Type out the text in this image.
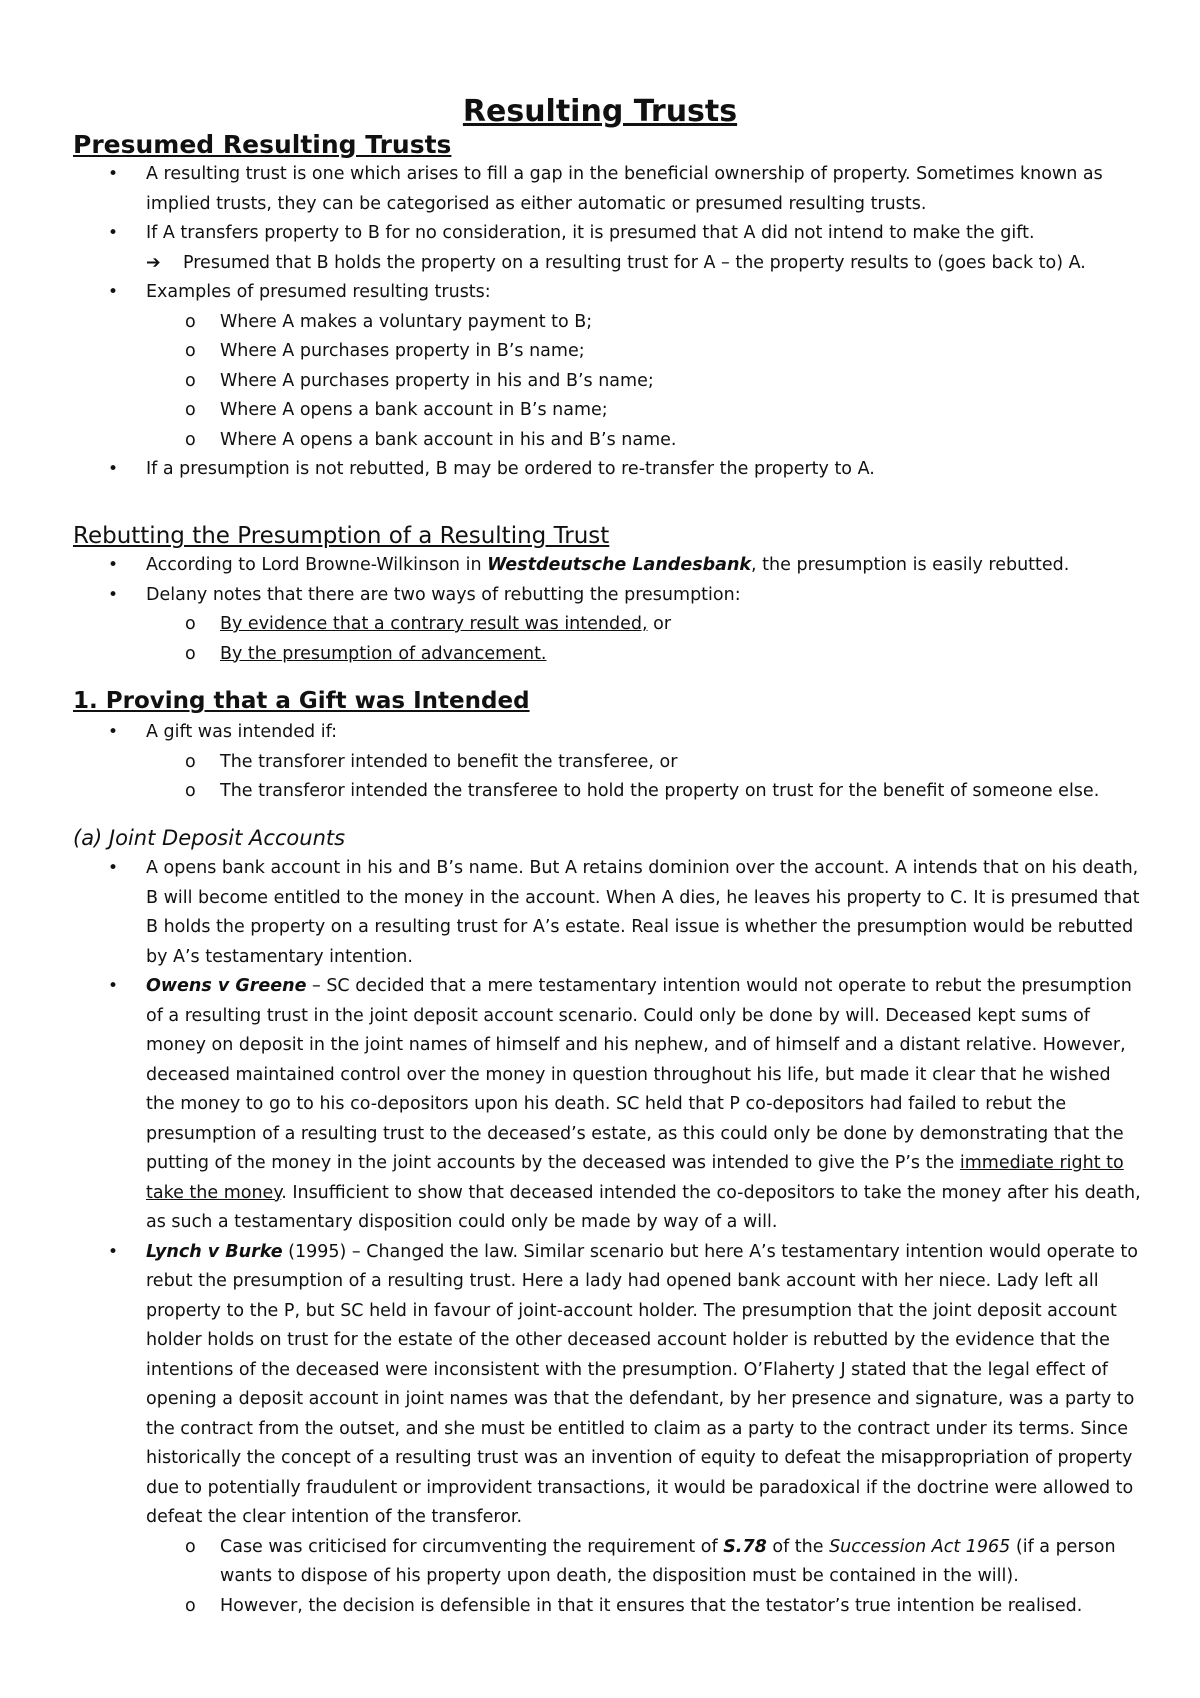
Resulting Trusts
Presumed Resulting Trusts
• A resulting trust is one which arises to fill a gap in the beneficial ownership of property. Sometimes known as implied trusts, they can be categorised as either automatic or presumed resulting trusts.
• If A transfers property to B for no consideration, it is presumed that A did not intend to make the gift.
➔ Presumed that B holds the property on a resulting trust for A – the property results to (goes back to) A.
• Examples of presumed resulting trusts:
o Where A makes a voluntary payment to B;
o Where A purchases property in B’s name;
o Where A purchases property in his and B’s name;
o Where A opens a bank account in B’s name;
o Where A opens a bank account in his and B’s name.
• If a presumption is not rebutted, B may be ordered to re-transfer the property to A.
Rebutting the Presumption of a Resulting Trust
• According to Lord Browne-Wilkinson in Westdeutsche Landesbank, the presumption is easily rebutted.
• Delany notes that there are two ways of rebutting the presumption:
o By evidence that a contrary result was intended, or
o By the presumption of advancement.
1. Proving that a Gift was Intended
• A gift was intended if:
o The transforer intended to benefit the transferee, or
o The transferor intended the transferee to hold the property on trust for the benefit of someone else.
(a) Joint Deposit Accounts
• A opens bank account in his and B’s name. But A retains dominion over the account. A intends that on his death, B will become entitled to the money in the account. When A dies, he leaves his property to C. It is presumed that B holds the property on a resulting trust for A’s estate. Real issue is whether the presumption would be rebutted by A’s testamentary intention.
• Owens v Greene – SC decided that a mere testamentary intention would not operate to rebut the presumption of a resulting trust in the joint deposit account scenario. Could only be done by will. Deceased kept sums of money on deposit in the joint names of himself and his nephew, and of himself and a distant relative. However, deceased maintained control over the money in question throughout his life, but made it clear that he wished the money to go to his co-depositors upon his death. SC held that P co-depositors had failed to rebut the presumption of a resulting trust to the deceased’s estate, as this could only be done by demonstrating that the putting of the money in the joint accounts by the deceased was intended to give the P’s the immediate right to take the money. Insufficient to show that deceased intended the co-depositors to take the money after his death, as such a testamentary disposition could only be made by way of a will.
• Lynch v Burke (1995) – Changed the law. Similar scenario but here A’s testamentary intention would operate to rebut the presumption of a resulting trust. Here a lady had opened bank account with her niece. Lady left all property to the P, but SC held in favour of joint-account holder. The presumption that the joint deposit account holder holds on trust for the estate of the other deceased account holder is rebutted by the evidence that the intentions of the deceased were inconsistent with the presumption. O’Flaherty J stated that the legal effect of opening a deposit account in joint names was that the defendant, by her presence and signature, was a party to the contract from the outset, and she must be entitled to claim as a party to the contract under its terms. Since historically the concept of a resulting trust was an invention of equity to defeat the misappropriation of property due to potentially fraudulent or improvident transactions, it would be paradoxical if the doctrine were allowed to defeat the clear intention of the transferor.
o Case was criticised for circumventing the requirement of S.78 of the Succession Act 1965 (if a person wants to dispose of his property upon death, the disposition must be contained in the will).
o However, the decision is defensible in that it ensures that the testator’s true intention be realised.
